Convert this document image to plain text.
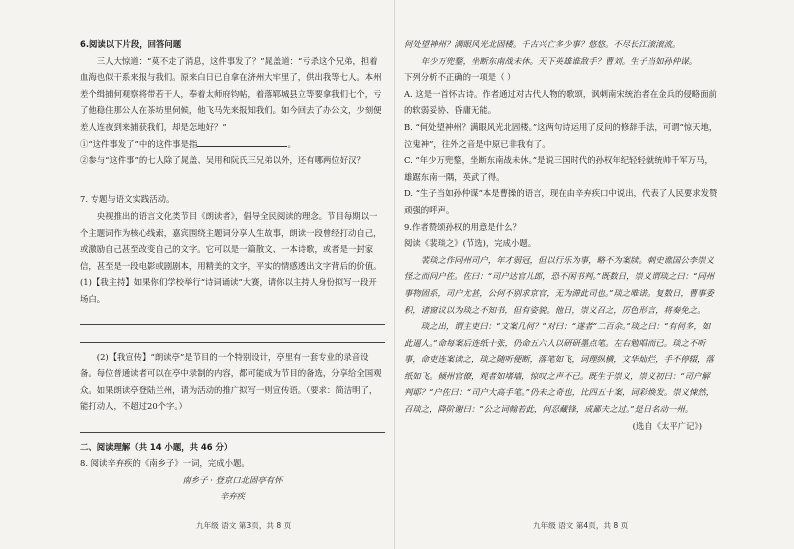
6.阅读以下片段，回答问题

三人大惊道：“莫不走了消息，这件事发了？”晁盖道：“亏杀这个兄弟，担着血海也似干系来报与我们。原来白日已自拿在济州大牢里了，供出我等七人。本州差个缉捕何观察将带若干人，奉着太师府钧帖，着落郓城县立等要拿我们七个，亏了他稳住那公人在茶坊里伺候，他飞马先来报知我们。如今回去了办公文，少刻便差人连夜到来捕获我们，却是怎地好？”

①“这件事发了”中的这件事是指	。

②参与“这件事”的七人除了晁盖、吴用和阮氏三兄弟以外，还有哪两位好汉？

7. 专题与语文实践活动。

央视推出的语言文化类节目《朗读者》，倡导全民阅读的理念。节目每期以一个主题词作为核心线索，嘉宾围绕主题词分享人生故事，朗读一段曾经打动自己，或激励自己甚至改变自己的文字。它可以是一篇散文、一本诗歌，或者是一封家信，甚至是一段电影或剧剧本，用精美的文字，平实的情感透出文字背后的价值。

(1)【我主持】如果你们学校举行“诗词诵读”大赛，请你以主持人身份拟写一段开场白。

(2)【我宣传】“朗读亭”是节目的一个特别设计，亭里有一套专业的录音设备。每位普通读者可以在亭中录制的内容，都可能成为节目的备选，分享给全国观众。如果朗读亭登陆兰州，请为活动的推广拟写一则宣传语。（要求：简洁明了，能打动人，不超过20个字。）

二、阅读理解（共 14 小题，共 46 分）

8. 阅读辛弃疾的《南乡子》一词，完成小题。

南乡子 · 登京口北固亭有怀

辛弃疾

何处望神州？满眼风光北固楼。千古兴亡多少事？悠悠。不尽长江滚滚流。

年少万兜鍪，坐断东南战未休。天下英雄谁敌手？曹刘。生子当如孙仲谋。

下列分析不正确的一项是（ ）

A. 这是一首怀古诗。作者通过对古代人物的歌颂，讽刺南宋统治者在金兵的侵略面前的软弱妥协、昏庸无能。

B. “何处望神州？满眼风光北固楼。”这两句诗运用了反问的修辞手法，可谓“惊天地，泣鬼神”，往外之音是中原已非我有了。

C. “年少万兜鍪，坐断东南战未休。”是说三国时代的孙权年纪轻轻就统帅千军万马，雄踞东南一隅，英武了得。

D. “生子当如孙仲谋”本是曹操的语言，现在由辛弃疾口中说出，代表了人民要求发赞顽强的呼声。

9.作者赞颂孙权的用意是什么？

阅读《裴琰之》(节选)，完成小题。

裴琰之作同州司户，年才弱冠，但以行乐为事，略不为案牍。刺史谯国公李崇义怪之而问户佐。佐曰：“司户达官儿郎，恐不闲书判。”既数日，崇义谓琰之曰：“同州事物固系，司户尤甚，公何不别求京官，无为滞此司也。”琰之唯诺。复数日，曹事委积，诸窗议以为琰之不知书，但有姿貌。他日，崇义召之，厉色形言，将奏免之。

琰之出，谓主吏曰：“文案几何？”对曰：“遂者”二百余。”琰之曰：“有何多，如此逼人。”命每案后连纸十张，仍命五六人以研研墨点笔。左右勉唱而已。琰之不听事，命吏连案读之，琰之随听便断，落笔如飞，词理纵横，文华灿烂，手不停辍，落纸如飞。倾州官僚，观者如堵墙，惊叹之声不已。既生于崇义，崇义初曰：“司户解判耶？”户佐曰：“司户大高手笔。”仍未之奇也，比四五十案，词彩焕发。崇义悚然，召琰之，降阶谢曰：“公之词翰若此，何忍藏锋，成鄙夫之过。”是日名动一州。

(选自《太平广记》)

九年级 语文 第3页，共 8 页	九年级 语文 第4页，共 8 页
